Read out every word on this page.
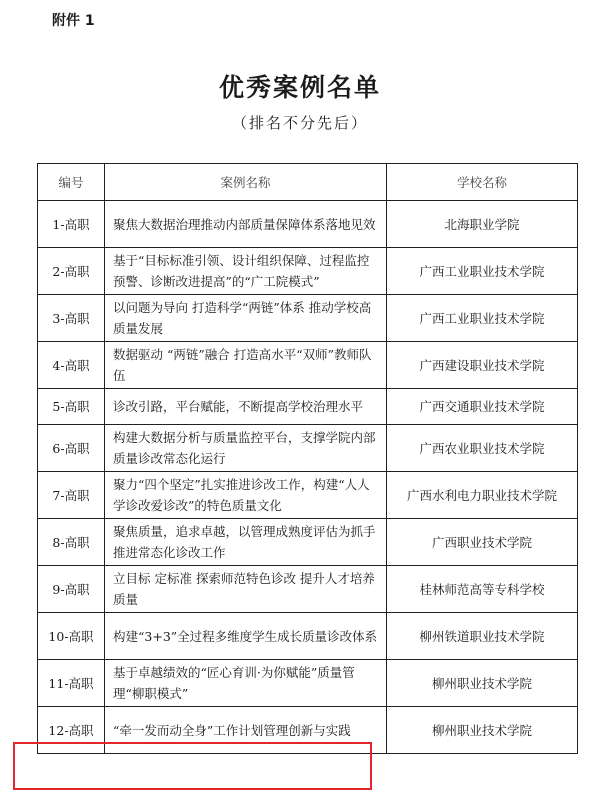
附件 1
优秀案例名单
（排名不分先后）
编号	案例名称	学校名称
1-高职	聚焦大数据治理推动内部质量保障体系落地见效	北海职业学院
2-高职	基于“目标标准引领、设计组织保障、过程监控预警、诊断改进提高”的“广工院模式”	广西工业职业技术学院
3-高职	以问题为导向 打造科学“两链”体系 推动学校高质量发展	广西工业职业技术学院
4-高职	数据驱动 “两链”融合 打造高水平“双师”教师队伍	广西建设职业技术学院
5-高职	诊改引路，平台赋能，不断提高学校治理水平	广西交通职业技术学院
6-高职	构建大数据分析与质量监控平台，支撑学院内部质量诊改常态化运行	广西农业职业技术学院
7-高职	聚力“四个坚定”扎实推进诊改工作，构建“人人学诊改爱诊改”的特色质量文化	广西水利电力职业技术学院
8-高职	聚焦质量，追求卓越，以管理成熟度评估为抓手推进常态化诊改工作	广西职业技术学院
9-高职	立目标 定标准 探索师范特色诊改 提升人才培养质量	桂林师范高等专科学校
10-高职	构建“3+3”全过程多维度学生成长质量诊改体系	柳州铁道职业技术学院
11-高职	基于卓越绩效的“匠心育训·为你赋能”质量管理“柳职模式”	柳州职业技术学院
12-高职	“牵一发而动全身”工作计划管理创新与实践	柳州职业技术学院
